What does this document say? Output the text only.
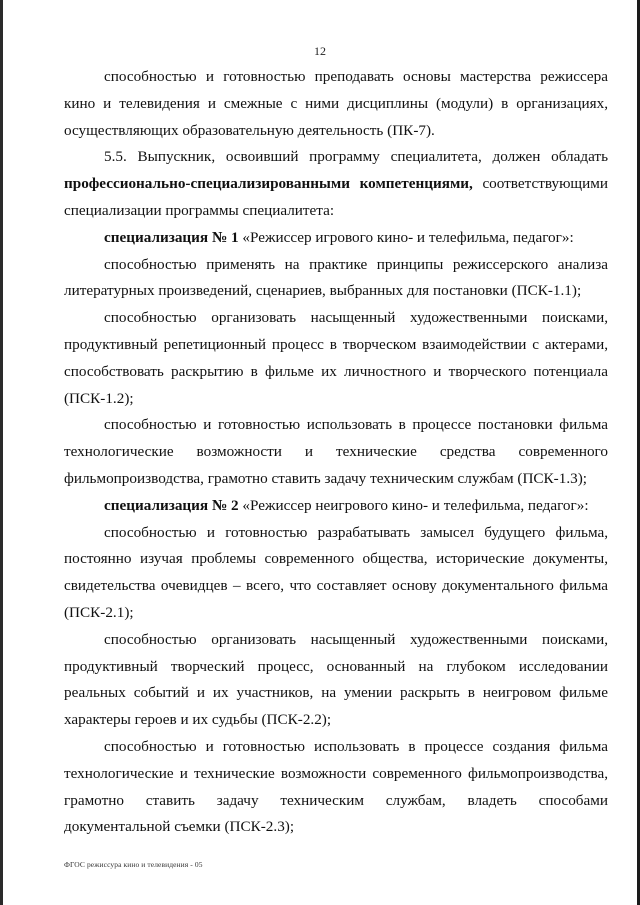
12

способностью и готовностью преподавать основы мастерства режиссера кино и телевидения и смежные с ними дисциплины (модули) в организациях, осуществляющих образовательную деятельность (ПК-7).

5.5. Выпускник, освоивший программу специалитета, должен обладать профессионально-специализированными компетенциями, соответствующими специализации программы специалитета:

специализация № 1 «Режиссер игрового кино- и телефильма, педагог»:

способностью применять на практике принципы режиссерского анализа литературных произведений, сценариев, выбранных для постановки (ПСК-1.1);

способностью организовать насыщенный художественными поисками, продуктивный репетиционный процесс в творческом взаимодействии с актерами, способствовать раскрытию в фильме их личностного и творческого потенциала (ПСК-1.2);

способностью и готовностью использовать в процессе постановки фильма технологические возможности и технические средства современного фильмопроизводства, грамотно ставить задачу техническим службам (ПСК-1.3);

специализация № 2 «Режиссер неигрового кино- и телефильма, педагог»:

способностью и готовностью разрабатывать замысел будущего фильма, постоянно изучая проблемы современного общества, исторические документы, свидетельства очевидцев – всего, что составляет основу документального фильма (ПСК-2.1);

способностью организовать насыщенный художественными поисками, продуктивный творческий процесс, основанный на глубоком исследовании реальных событий и их участников, на умении раскрыть в неигровом фильме характеры героев и их судьбы (ПСК-2.2);

способностью и готовностью использовать в процессе создания фильма технологические и технические возможности современного фильмопроизводства, грамотно ставить задачу техническим службам, владеть способами документальной съемки (ПСК-2.3);

ФГОС режиссура кино и телевидения - 05
